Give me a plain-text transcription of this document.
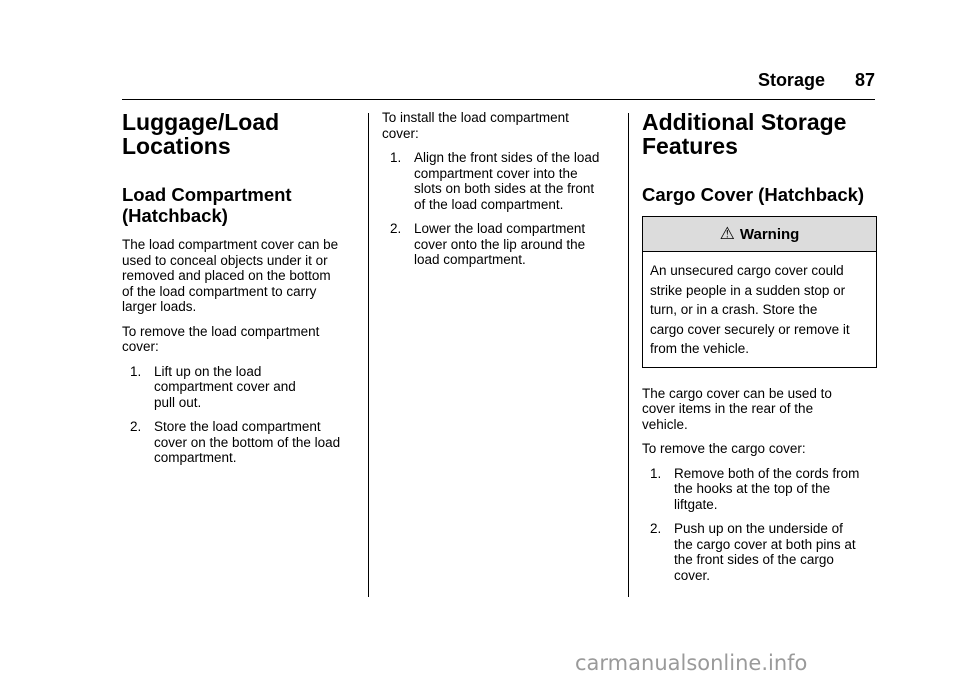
Storage 87
Luggage/Load
Locations
Load Compartment
(Hatchback)

The load compartment cover can be
used to conceal objects under it or
removed and placed on the bottom
of the load compartment to carry
larger loads.

To remove the load compartment
cover:

1. Lift up on the load
compartment cover and
pull out.
2. Store the load compartment
cover on the bottom of the load
compartment.

To install the load compartment
cover:

1. Align the front sides of the load
compartment cover into the
slots on both sides at the front
of the load compartment.
2. Lower the load compartment
cover onto the lip around the
load compartment.
Additional Storage
Features
Cargo Cover (Hatchback)
⚠ Warning
An unsecured cargo cover could
strike people in a sudden stop or
turn, or in a crash. Store the
cargo cover securely or remove it
from the vehicle.

The cargo cover can be used to
cover items in the rear of the
vehicle.

To remove the cargo cover:

1. Remove both of the cords from
the hooks at the top of the
liftgate.
2. Push up on the underside of
the cargo cover at both pins at
the front sides of the cargo
cover.
carmanualsonline.info
